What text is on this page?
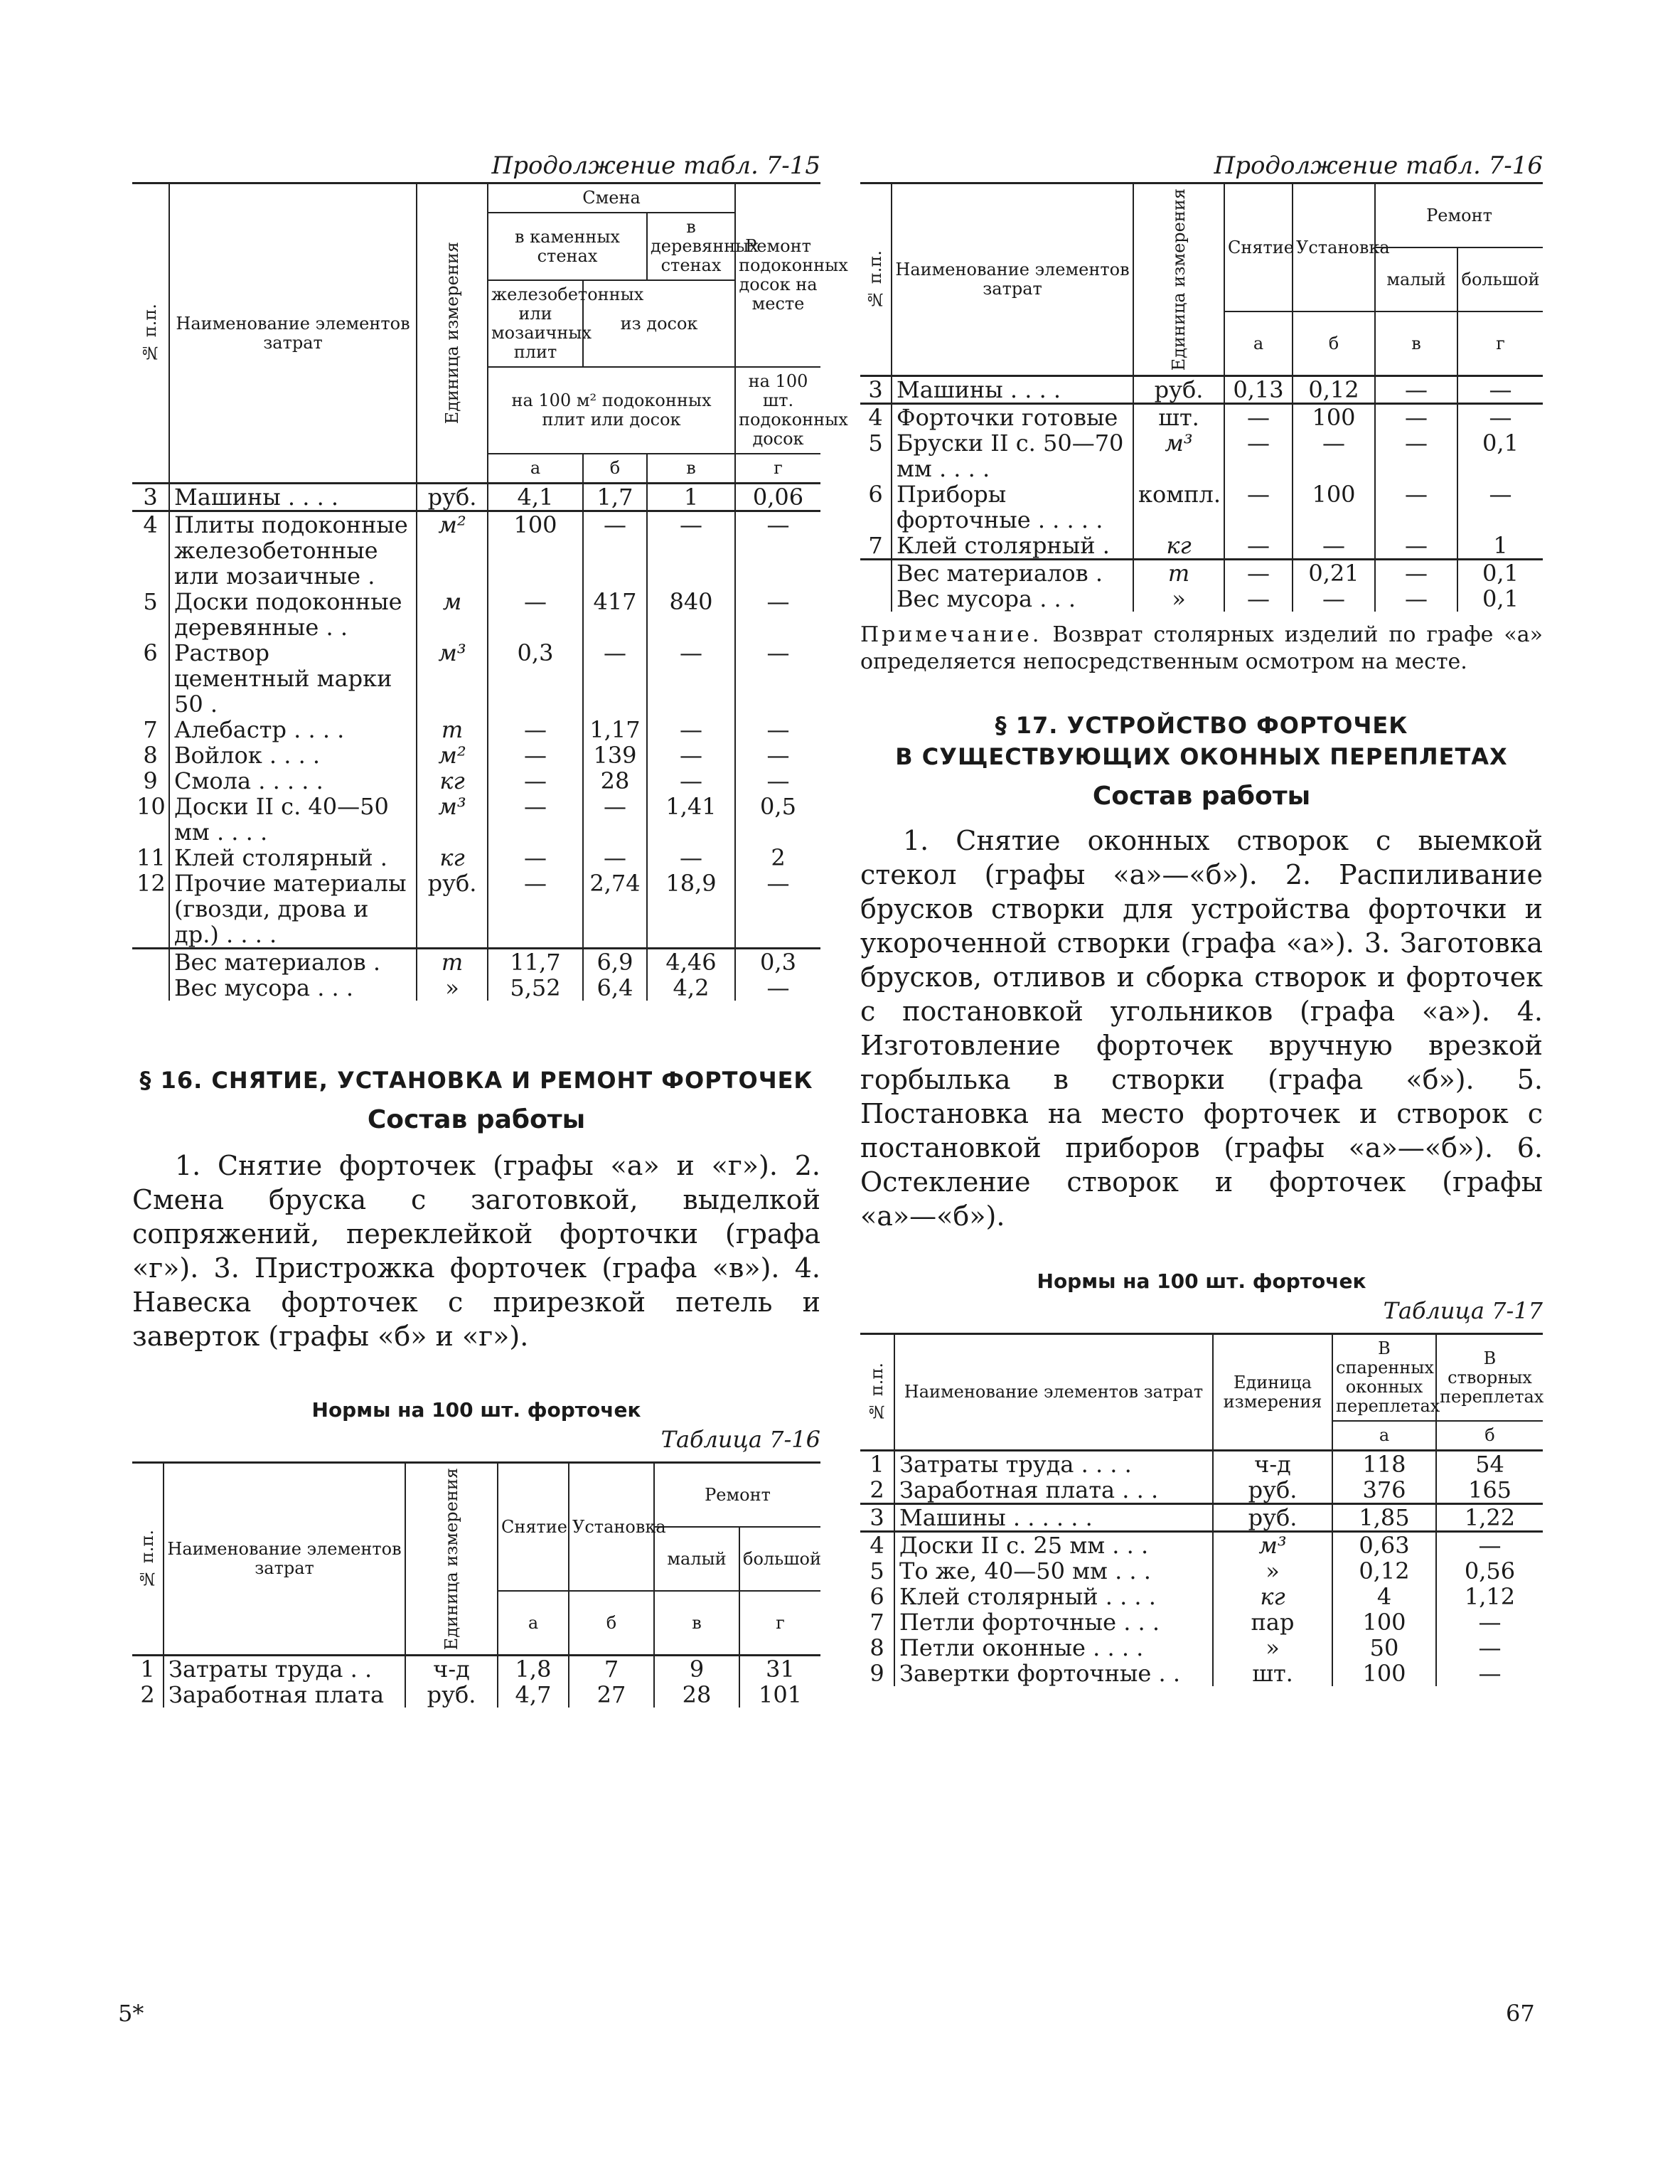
Продолжение табл. 7-15
№ п.п.	Наименование элементов затрат	Единица измерения	Смена			Ремонт подоконных досок на месте
			в каменных стенах		в деревянных стенах	
			железобетонных или мозаичных плит	из досок		
			на 100 м² подоконных плит или досок			на 100 шт. подоконных досок
			а	б	в	г
3	Машины . . . .	руб.	4,1	1,7	1	0,06
4	Плиты подоконные железобетонные или мозаичные .	м²	100	—	—	—
5	Доски подоконные деревянные . .	м	—	417	840	—
6	Раствор цементный марки 50 .	м³	0,3	—	—	—
7	Алебастр . . . .	т	—	1,17	—	—
8	Войлок . . . .	м²	—	139	—	—
9	Смола . . . . .	кг	—	28	—	—
10	Доски II с. 40—50 мм . . . .	м³	—	—	1,41	0,5
11	Клей столярный .	кг	—	—	—	2
12	Прочие материалы (гвозди, дрова и др.) . . . .	руб.	—	2,74	18,9	—
	Вес материалов .	т	11,7	6,9	4,46	0,3
	Вес мусора . . .	»	5,52	6,4	4,2	—
§ 16. СНЯТИЕ, УСТАНОВКА И РЕМОНТ ФОРТОЧЕК
Состав работы
1. Снятие форточек (графы «а» и «г»). 2. Смена бруска с заготовкой, выделкой сопряжений, переклейкой форточки (графа «г»). 3. Пристрожка форточек (графа «в»). 4. Навеска форточек с прирезкой петель и заверток (графы «б» и «г»).
Нормы на 100 шт. форточек
Таблица 7-16
№ п.п.	Наименование элементов затрат	Единица измерения	Снятие	Установка	Ремонт	
					малый	большой
			а	б	в	г
1	Затраты труда . .	ч-д	1,8	7	9	31
2	Заработная плата	руб.	4,7	27	28	101
Продолжение табл. 7-16
№ п.п.	Наименование элементов затрат	Единица измерения	Снятие	Установка	Ремонт	
					малый	большой
			а	б	в	г
3	Машины . . . .	руб.	0,13	0,12	—	—
4	Форточки готовые	шт.	—	100	—	—
5	Бруски II с. 50—70 мм . . . .	м³	—	—	—	0,1
6	Приборы форточные . . . . .	компл.	—	100	—	—
7	Клей столярный .	кг	—	—	—	1
	Вес материалов .	т	—	0,21	—	0,1
	Вес мусора . . .	»	—	—	—	0,1
Примечание. Возврат столярных изделий по графе «а» определяется непосредственным осмотром на месте.
§ 17. УСТРОЙСТВО ФОРТОЧЕК
В СУЩЕСТВУЮЩИХ ОКОННЫХ ПЕРЕПЛЕТАХ
Состав работы
1. Снятие оконных створок с выемкой стекол (графы «а»—«б»). 2. Распиливание брусков створки для устройства форточки и укороченной створки (графа «а»). 3. Заготовка брусков, отливов и сборка створок и форточек с постановкой угольников (графа «а»). 4. Изготовление форточек вручную врезкой горбылька в створки (графа «б»). 5. Постановка на место форточек и створок с постановкой приборов (графы «а»—«б»). 6. Остекление створок и форточек (графы «а»—«б»).
Нормы на 100 шт. форточек
Таблица 7-17
№ п.п.	Наименование элементов затрат	Единица измерения	В спаренных оконных переплетах	В створных переплетах
			а	б
1	Затраты труда . . . .	ч-д	118	54
2	Заработная плата . . .	руб.	376	165
3	Машины . . . . . .	руб.	1,85	1,22
4	Доски II с. 25 мм . . .	м³	0,63	—
5	То же, 40—50 мм . . .	»	0,12	0,56
6	Клей столярный . . . .	кг	4	1,12
7	Петли форточные . . .	пар	100	—
8	Петли оконные . . . .	»	50	—
9	Завертки форточные . .	шт.	100	—
5*	67
